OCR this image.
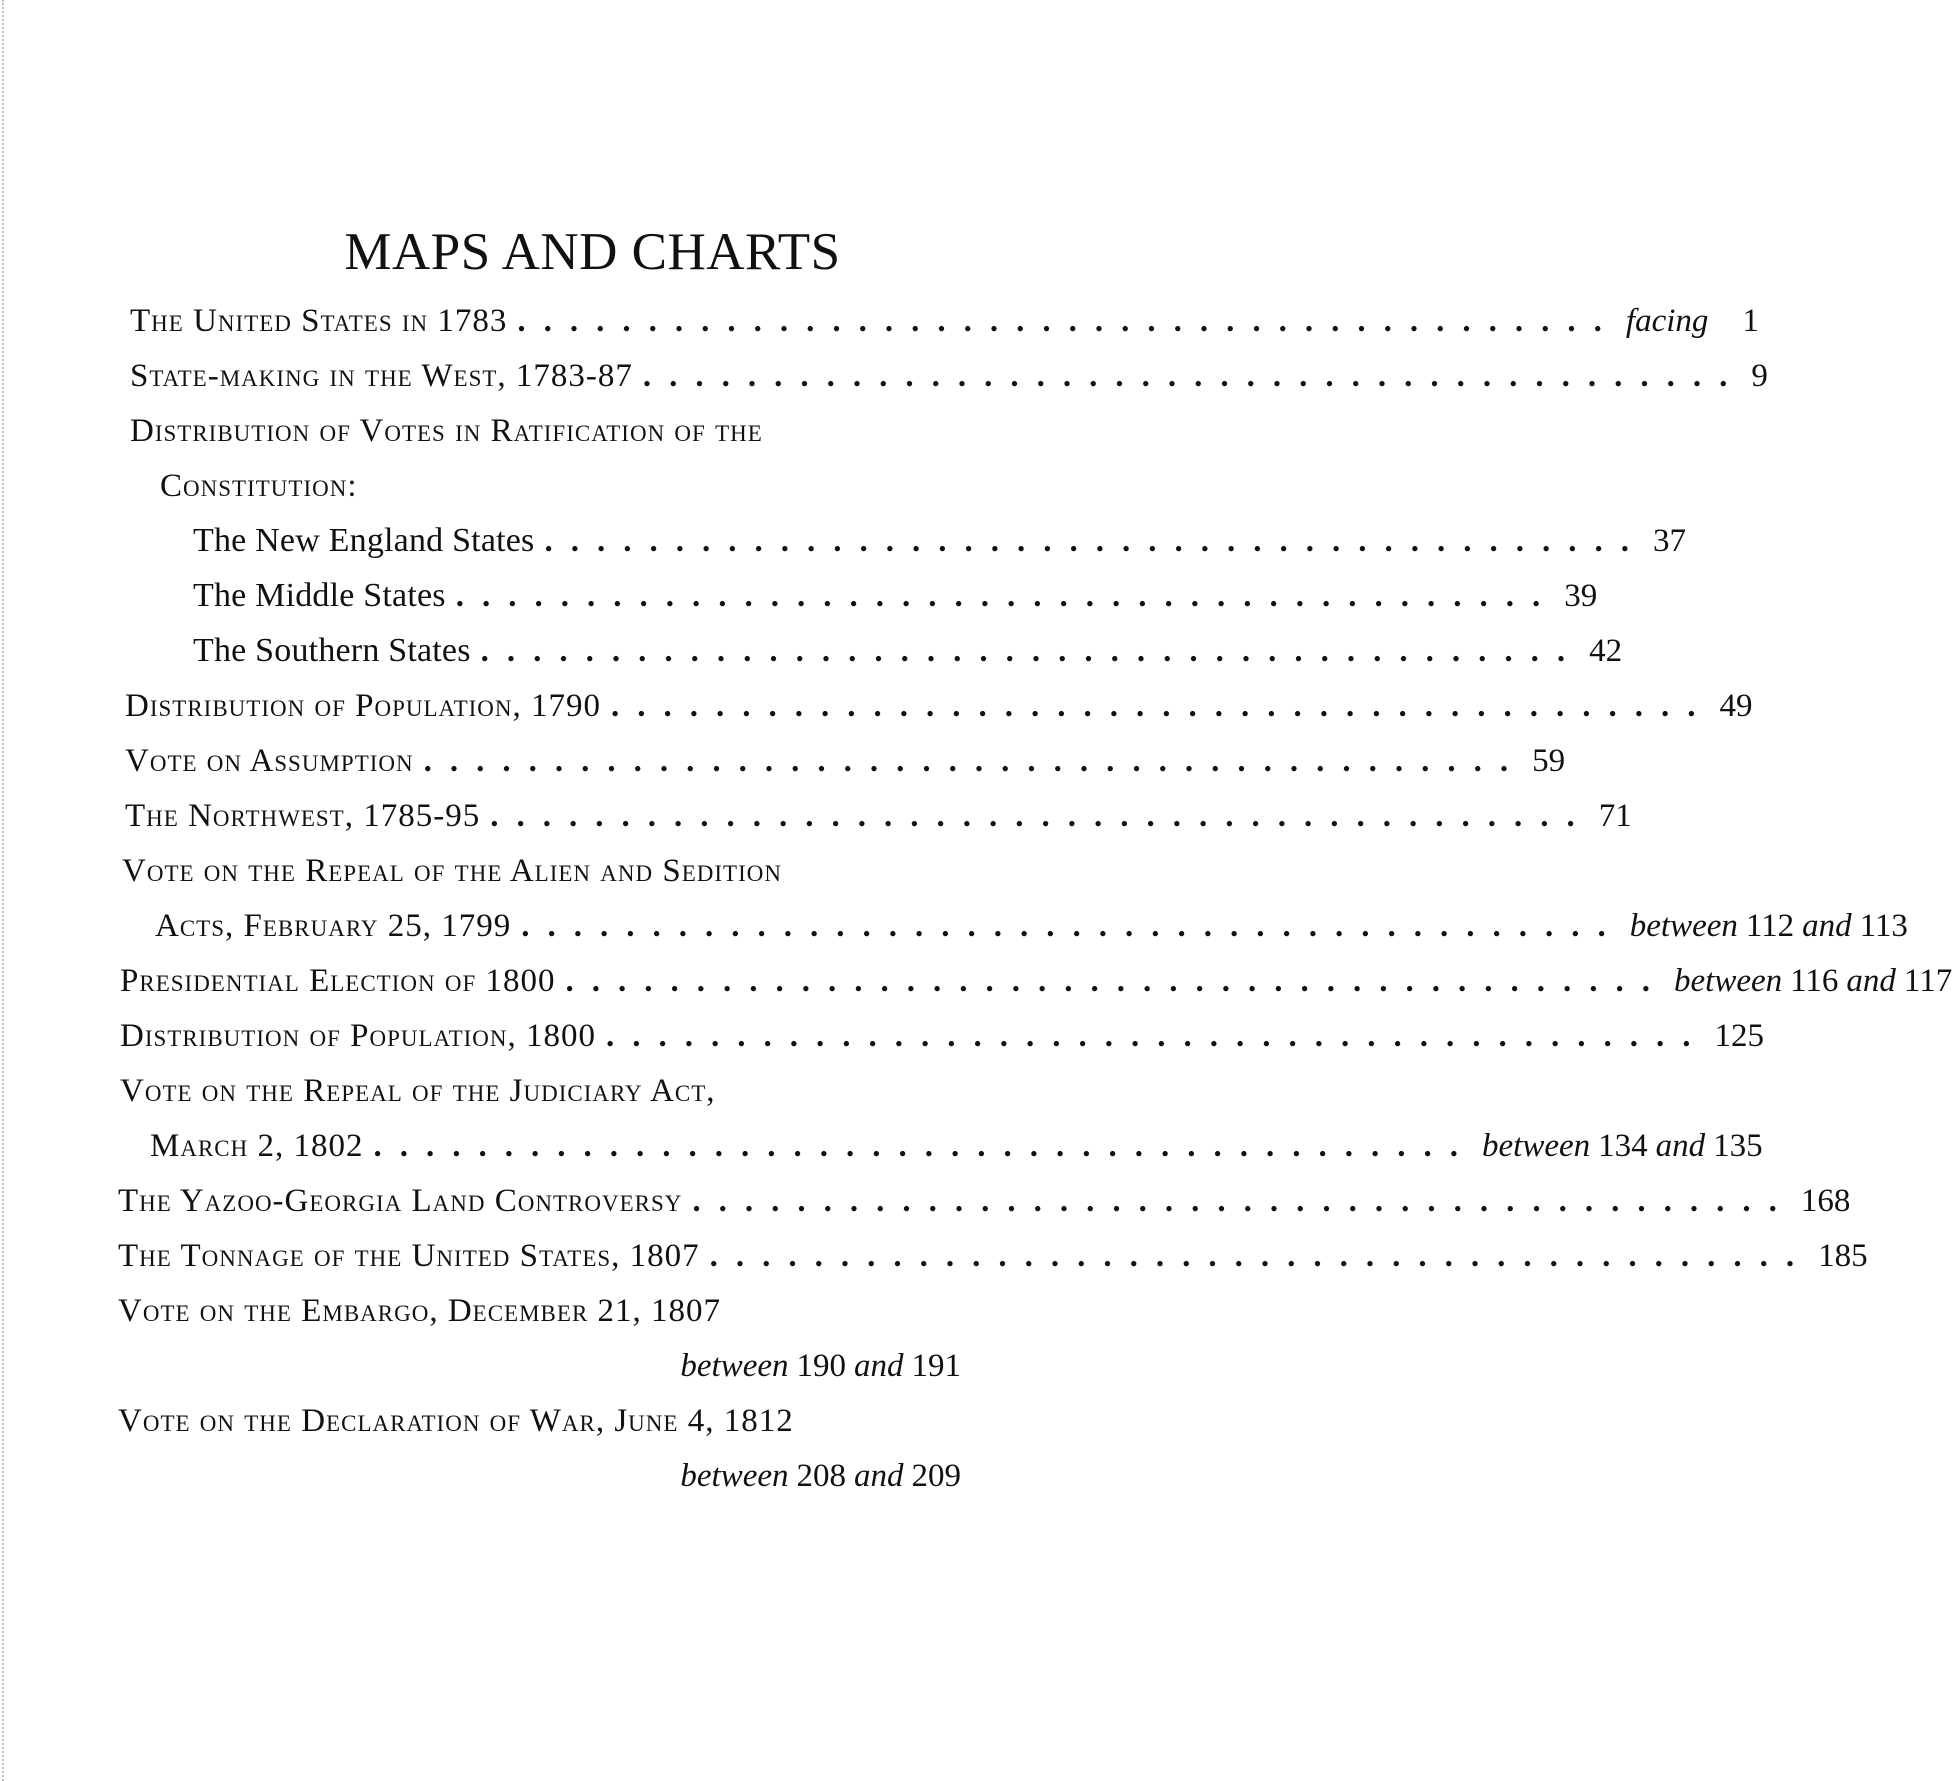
MAPS AND CHARTS
The United States in 1783 .......................................... facing 1
State-making in the West, 1783-87 .......................................... 9
Distribution of Votes in Ratification of the
Constitution:
The New England States .......................................... 37
The Middle States .......................................... 39
The Southern States .......................................... 42
Distribution of Population, 1790 .......................................... 49
Vote on Assumption .......................................... 59
The Northwest, 1785-95 .......................................... 71
Vote on the Repeal of the Alien and Sedition
Acts, February 25, 1799 .......................................... between 112 and 113
Presidential Election of 1800 .......................................... between 116 and 117
Distribution of Population, 1800 .......................................... 125
Vote on the Repeal of the Judiciary Act,
March 2, 1802 .......................................... between 134 and 135
The Yazoo-Georgia Land Controversy .......................................... 168
The Tonnage of the United States, 1807 .......................................... 185
Vote on the Embargo, December 21, 1807
between 190 and 191
Vote on the Declaration of War, June 4, 1812
between 208 and 209
